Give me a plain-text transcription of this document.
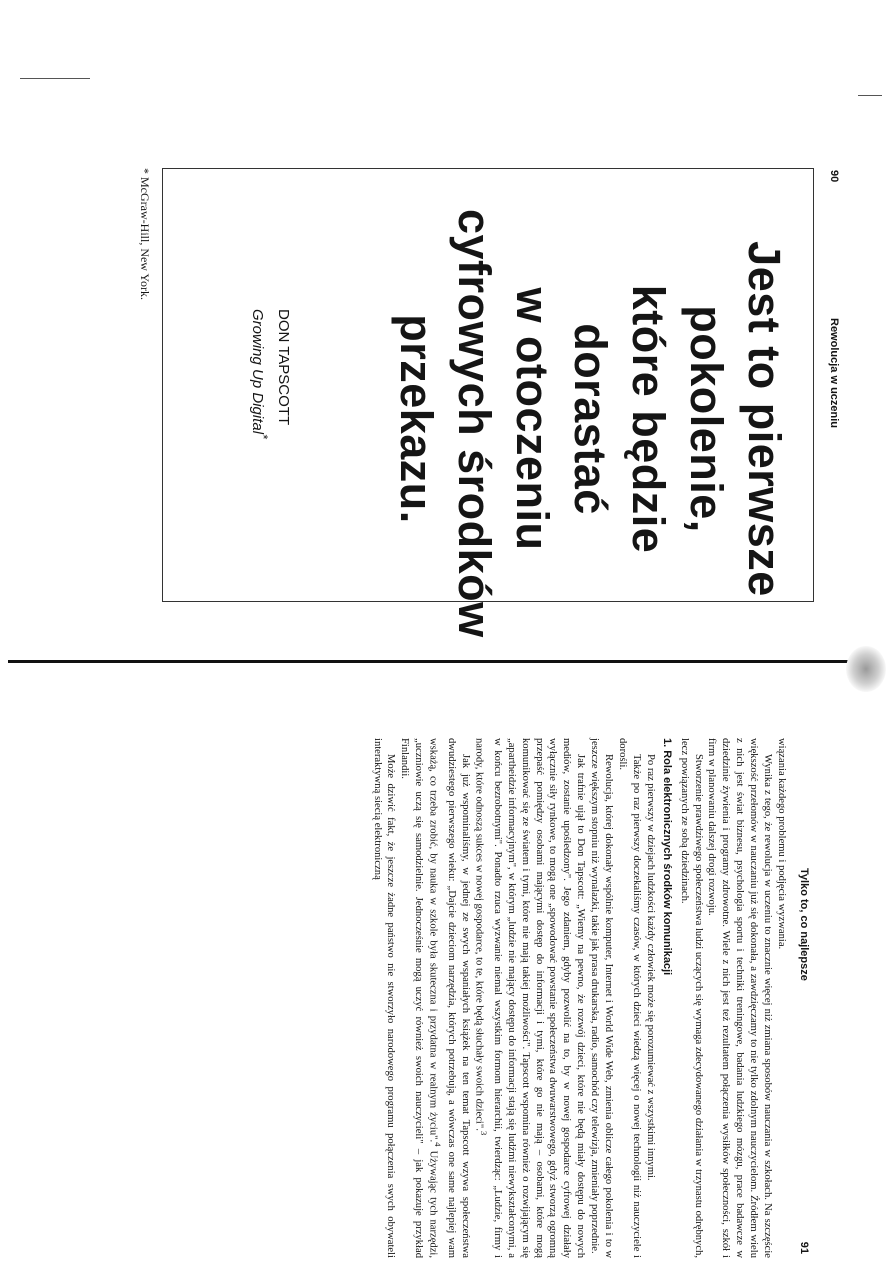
90
Rewolucja w uczeniu
Jest to pierwsze
pokolenie,
które będzie
dorastać
w otoczeniu
cyfrowych środków
przekazu.
DON TAPSCOTT
Growing Up Digital*
* McGraw-Hill, New York.
Tylko to, co najlepsze
91

wiązania każdego problemu i podjęcia wyzwania.

Wynika z tego, że rewolucja w uczeniu to znacznie więcej niż zmiana sposobów nauczania w szkołach. Na szczęście większość przełomów w nauczaniu już się dokonała, a zawdzięczamy to nie tylko zdolnym nauczycielom. Źródłem wielu z nich jest świat biznesu, psychologia sportu i techniki treningowe, badania ludzkiego mózgu, prace badawcze w dziedzinie żywienia i programy zdrowotne. Wiele z nich jest też rezultatem połączenia wysiłków społeczności, szkół i firm w planowaniu dalszej drogi rozwoju.

Stworzenie prawdziwego społeczeństwa ludzi uczących się wymaga zdecydowanego działania w trzynastu odrębnych, lecz powiązanych ze sobą dziedzinach.

1. Rola elektronicznych środków komunikacji

Po raz pierwszy w dziejach ludzkości każdy człowiek może się porozumiewać z wszystkimi innymi.

Także po raz pierwszy doczekaliśmy czasów, w których dzieci wiedzą więcej o nowej technologii niż nauczyciele i dorośli.

Rewolucja, której dokonały wspólnie komputer, Internet i World Wide Web, zmienia oblicze całego pokolenia i to w jeszcze większym stopniu niż wynalazki, takie jak prasa drukarska, radio, samochód czy telewizja, zmieniały poprzednie.

Jak trafnie ujął to Don Tapscott: „Wiemy na pewno, że rozwój dzieci, które nie będą miały dostępu do nowych mediów, zostanie upośledzony". Jego zdaniem, gdyby pozwolić na to, by w nowej gospodarce cyfrowej działały wyłącznie siły rynkowe, to mogą one „spowodować powstanie społeczeństwa dwuwarstwowego, gdyż stworzą ogromną przepaść pomiędzy osobami mającymi dostęp do informacji i tymi, które go nie mają – osobami, które mogą komunikować się ze światem i tymi, które nie mają takiej możliwości". Tapscott wspomina również o rozwijającym się „apartheidzie informacyjnym", w którym „ludzie nie mający dostępu do informacji stają się ludźmi niewykształconymi, a w końcu bezrobotnymi". Ponadto rzuca wyzwanie niemal wszystkim formom hierarchii, twierdząc: „Ludzie, firmy i narody, które odnoszą sukces w nowej gospodarce, to te, które będą słuchały swoich dzieci".$^3$

Jak już wspominaliśmy, w jednej ze swych wspaniałych książek na ten temat Tapscott wzywa społeczeństwa dwudziestego pierwszego wieku: „Dajcie dzieciom narzędzia, których potrzebują, a wówczas one same najlepiej wam wskażą, co trzeba zrobić, by nauka w szkole była skuteczna i przydatna w realnym życiu".$^4$ Używając tych narzędzi, „uczniowie uczą się samodzielnie. Jednocześnie mogą uczyć również swoich nauczycieli" – jak pokazuje przykład Finlandii.

Może dziwić fakt, że jeszcze żadne państwo nie stworzyło narodowego programu połączenia swych obywateli interaktywną siecią elektroniczną
